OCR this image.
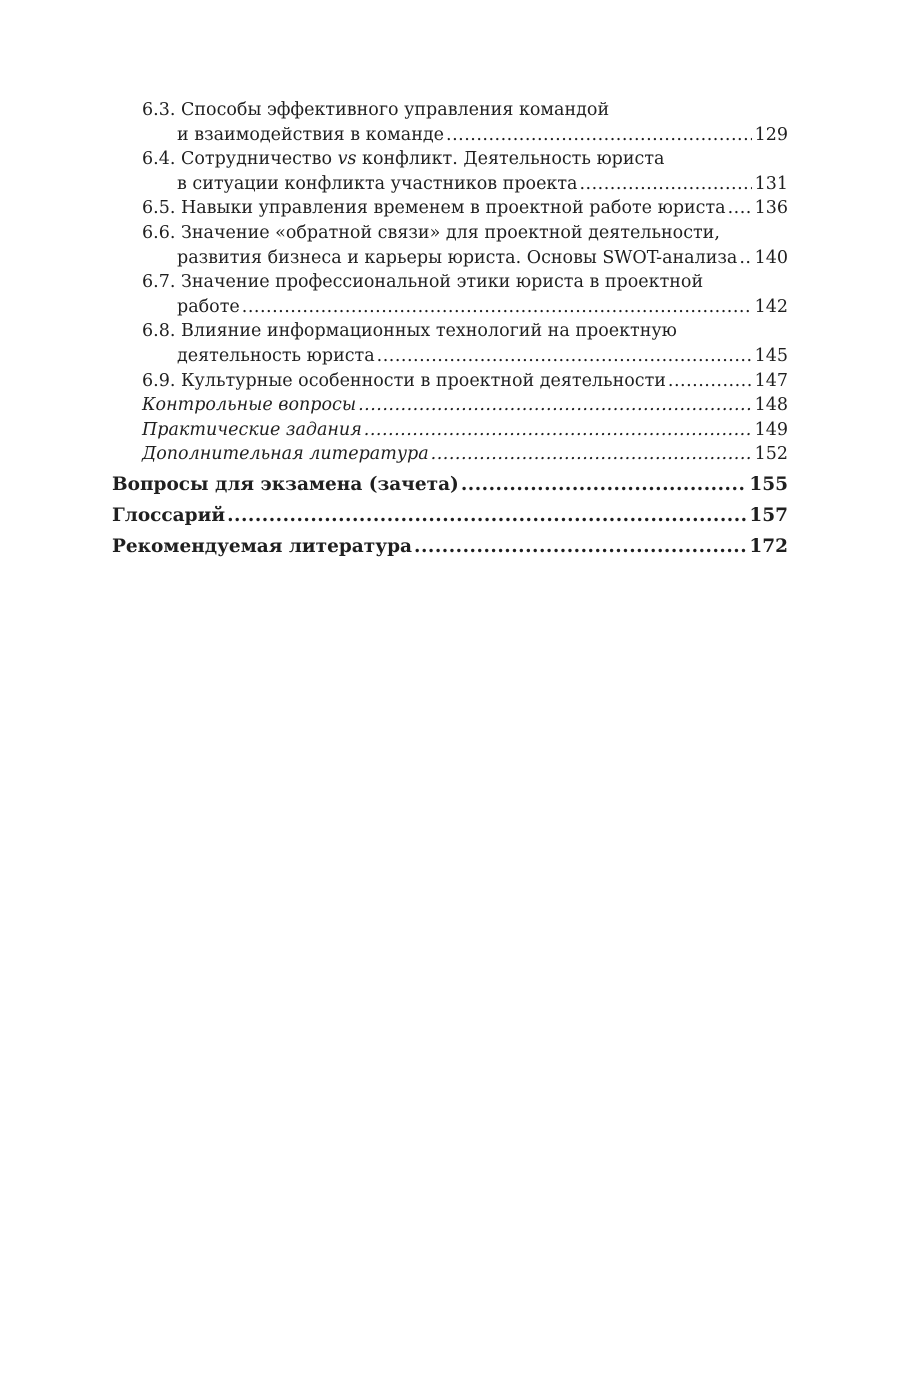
6.3. Способы эффективного управления командой
и взаимодействия в команде .....	129
6.4. Сотрудничество vs конфликт. Деятельность юриста
в ситуации конфликта участников проекта .....	131
6.5. Навыки управления временем в проектной работе юриста ..... 136
6.6. Значение «обратной связи» для проектной деятельности,
развития бизнеса и карьеры юриста. Основы SWOT-анализа ..... 140
6.7. Значение профессиональной этики юриста в проектной
работе .....	142
6.8. Влияние информационных технологий на проектную
деятельность юриста .....	145
6.9. Культурные особенности в проектной деятельности .....	147
Контрольные вопросы .....	148
Практические задания .....	149
Дополнительная литература .....	152
Вопросы для экзамена (зачета) .....	155
Глоссарий .....	157
Рекомендуемая литература .....	172
